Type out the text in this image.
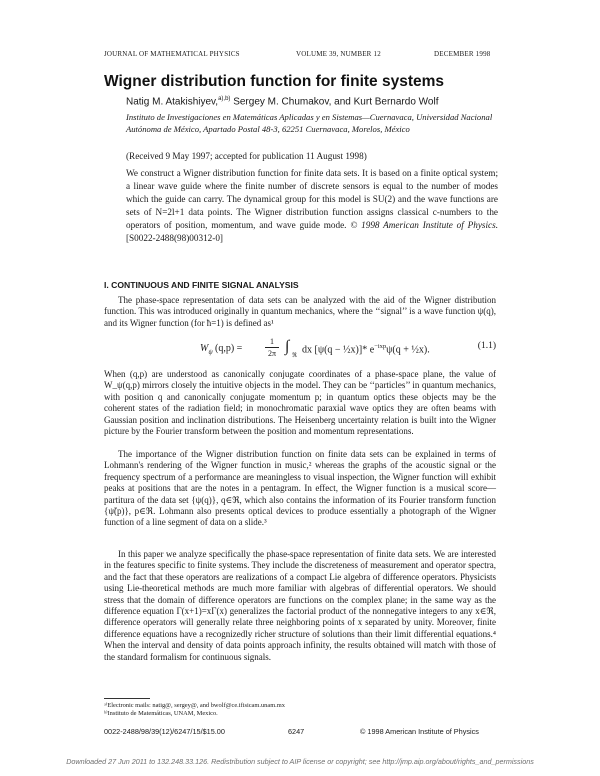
JOURNAL OF MATHEMATICAL PHYSICS	VOLUME 39, NUMBER 12	DECEMBER 1998
Wigner distribution function for finite systems
Natig M. Atakishiyev,$^{a),b)}$ Sergey M. Chumakov, and Kurt Bernardo Wolf
Instituto de Investigaciones en Matemáticas Aplicadas y en Sistemas—Cuernavaca, Universidad Nacional Autónoma de México, Apartado Postal 48-3, 62251 Cuernavaca, Morelos, México
(Received 9 May 1997; accepted for publication 11 August 1998)
We construct a Wigner distribution function for finite data sets. It is based on a finite optical system; a linear wave guide where the finite number of discrete sensors is equal to the number of modes which the guide can carry. The dynamical group for this model is SU(2) and the wave functions are sets of N=2l+1 data points. The Wigner distribution function assigns classical c-numbers to the operators of position, momentum, and wave guide mode. © 1998 American Institute of Physics. [S0022-2488(98)00312-0]
I. CONTINUOUS AND FINITE SIGNAL ANALYSIS
The phase-space representation of data sets can be analyzed with the aid of the Wigner distribution function. This was introduced originally in quantum mechanics, where the ‘‘signal’’ is a wave function ψ(q), and its Wigner function (for ħ=1) is defined as¹
$W_\psi$ (q,p) =
1
2π ∫
ℜ
dx [ψ(q − ½x)]* $e^{-ixp}\psi(q$ + ½x).	(1.1)
When (q,p) are understood as canonically conjugate coordinates of a phase-space plane, the value of W_ψ(q,p) mirrors closely the intuitive objects in the model. They can be ‘‘particles’’ in quantum mechanics, with position q and canonically conjugate momentum p; in quantum optics these objects may be the coherent states of the radiation field; in monochromatic paraxial wave optics they are often beams with Gaussian position and inclination distributions. The Heisenberg uncertainty relation is built into the Wigner picture by the Fourier transform between the position and momentum representations.
The importance of the Wigner distribution function on finite data sets can be explained in terms of Lohmann's rendering of the Wigner function in music,² whereas the graphs of the acoustic signal or the frequency spectrum of a performance are meaningless to visual inspection, the Wigner function will exhibit peaks at positions that are the notes in a pentagram. In effect, the Wigner function is a musical score—partitura of the data set {ψ(q)}, q∈ℜ, which also contains the information of its Fourier transform function {ψ̃(p)}, p∈ℜ. Lohmann also presents optical devices to produce essentially a photograph of the Wigner function of a line segment of data on a slide.³
In this paper we analyze specifically the phase-space representation of finite data sets. We are interested in the features specific to finite systems. They include the discreteness of measurement and operator spectra, and the fact that these operators are realizations of a compact Lie algebra of difference operators. Physicists using Lie-theoretical methods are much more familiar with algebras of differential operators. We should stress that the domain of difference operators are functions on the complex plane; in the same way as the difference equation Γ(x+1)=xΓ(x) generalizes the factorial product of the nonnegative integers to any x∈ℜ, difference operators will generally relate three neighboring points of x separated by unity. Moreover, finite difference equations have a recognizedly richer structure of solutions than their limit differential equations.⁴ When the interval and density of data points approach infinity, the results obtained will match with those of the standard formalism for continuous signals.
ᵃ⁾Electronic mails: natig@, sergey@, and bwolf@ce.ifisicam.unam.mx
ᵇ⁾Instituto de Matemáticas, UNAM, Mexico.
0022-2488/98/39(12)/6247/15/$15.00	6247	© 1998 American Institute of Physics
Downloaded 27 Jun 2011 to 132.248.33.126. Redistribution subject to AIP license or copyright; see http://jmp.aip.org/about/rights_and_permissions
